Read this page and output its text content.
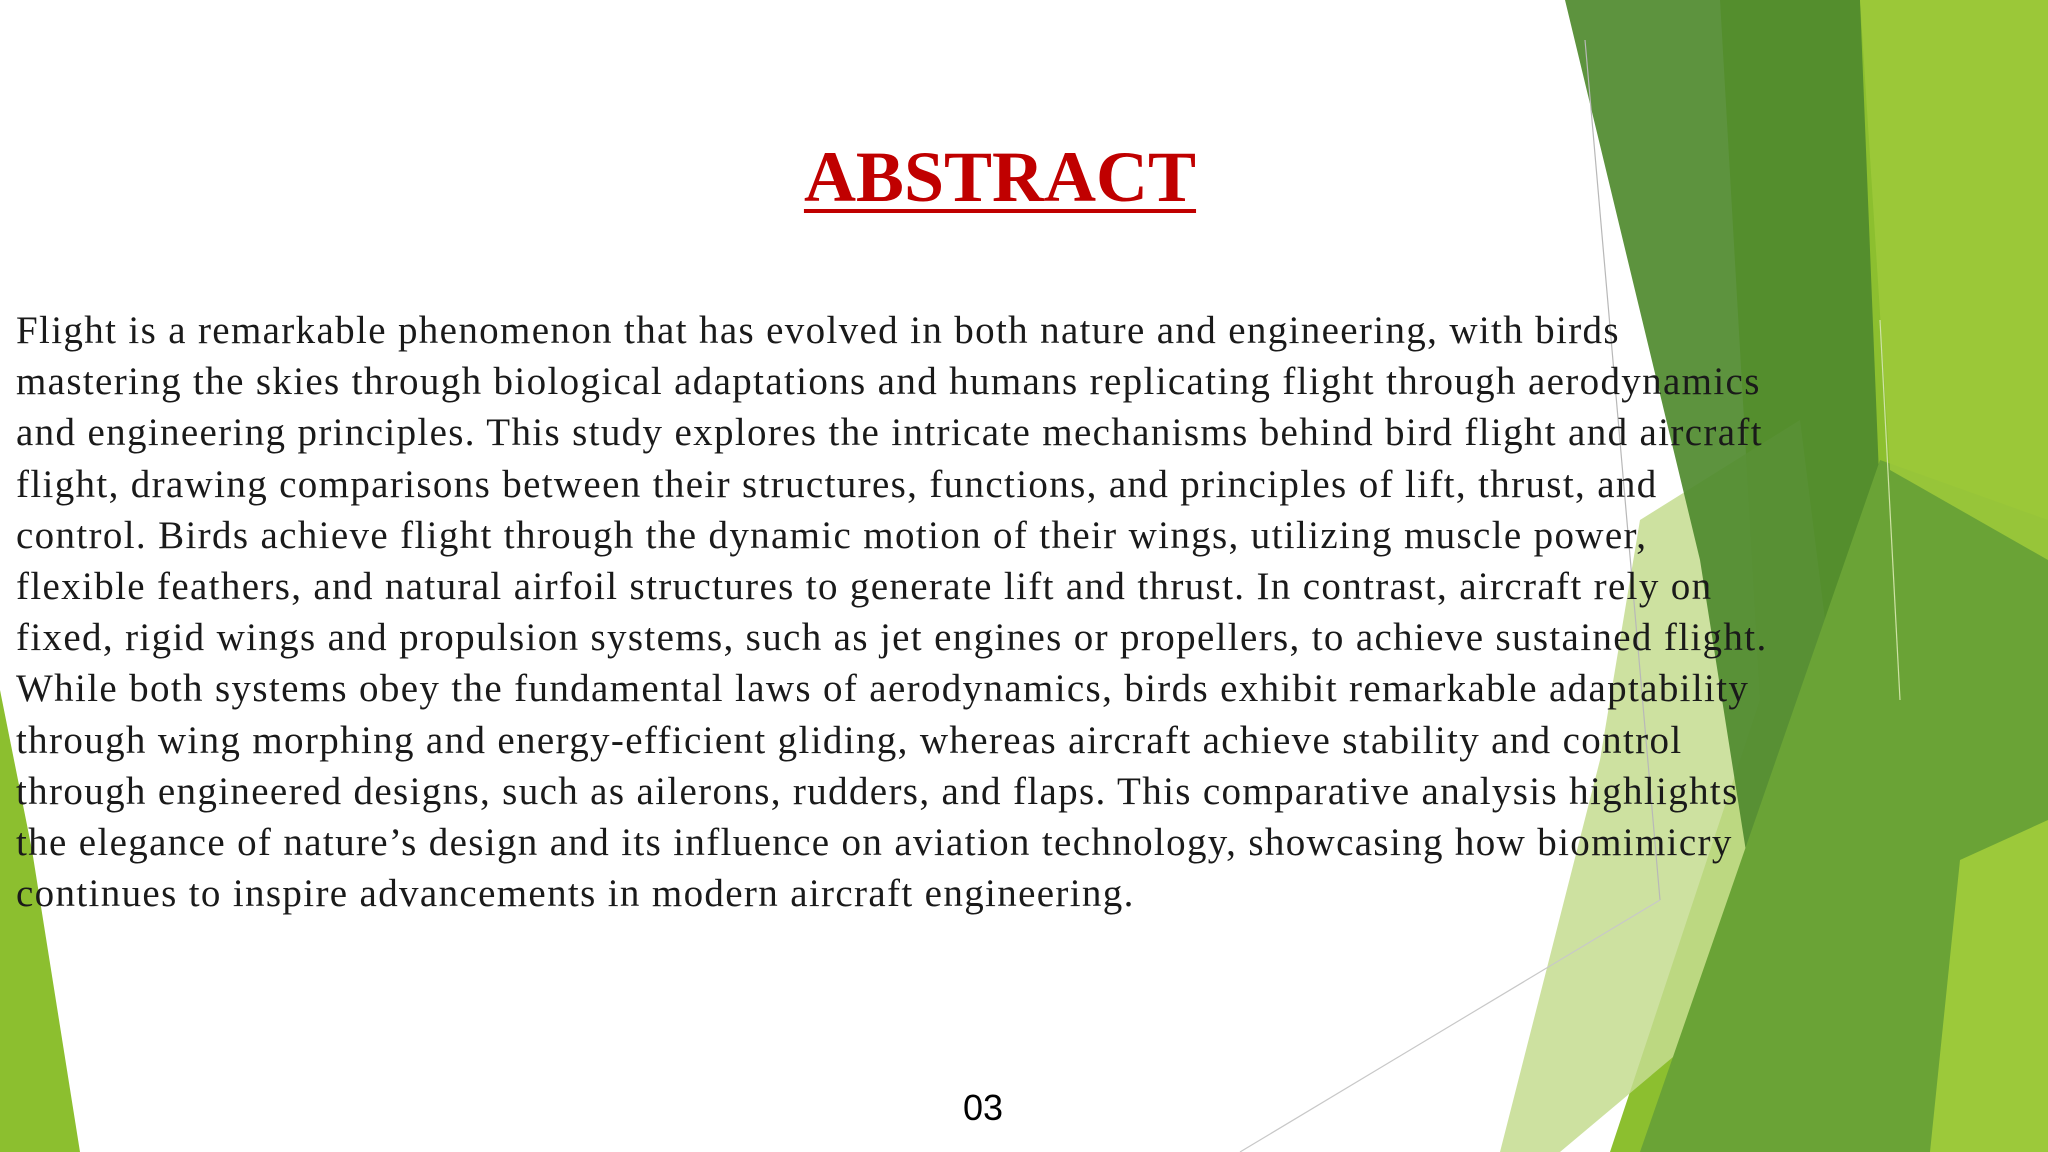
ABSTRACT

Flight is a remarkable phenomenon that has evolved in both nature and engineering, with birds
mastering the skies through biological adaptations and humans replicating flight through aerodynamics
and engineering principles. This study explores the intricate mechanisms behind bird flight and aircraft
flight, drawing comparisons between their structures, functions, and principles of lift, thrust, and
control. Birds achieve flight through the dynamic motion of their wings, utilizing muscle power,
flexible feathers, and natural airfoil structures to generate lift and thrust. In contrast, aircraft rely on
fixed, rigid wings and propulsion systems, such as jet engines or propellers, to achieve sustained flight.
While both systems obey the fundamental laws of aerodynamics, birds exhibit remarkable adaptability
through wing morphing and energy-efficient gliding, whereas aircraft achieve stability and control
through engineered designs, such as ailerons, rudders, and flaps. This comparative analysis highlights
the elegance of nature’s design and its influence on aviation technology, showcasing how biomimicry
continues to inspire advancements in modern aircraft engineering.

03
